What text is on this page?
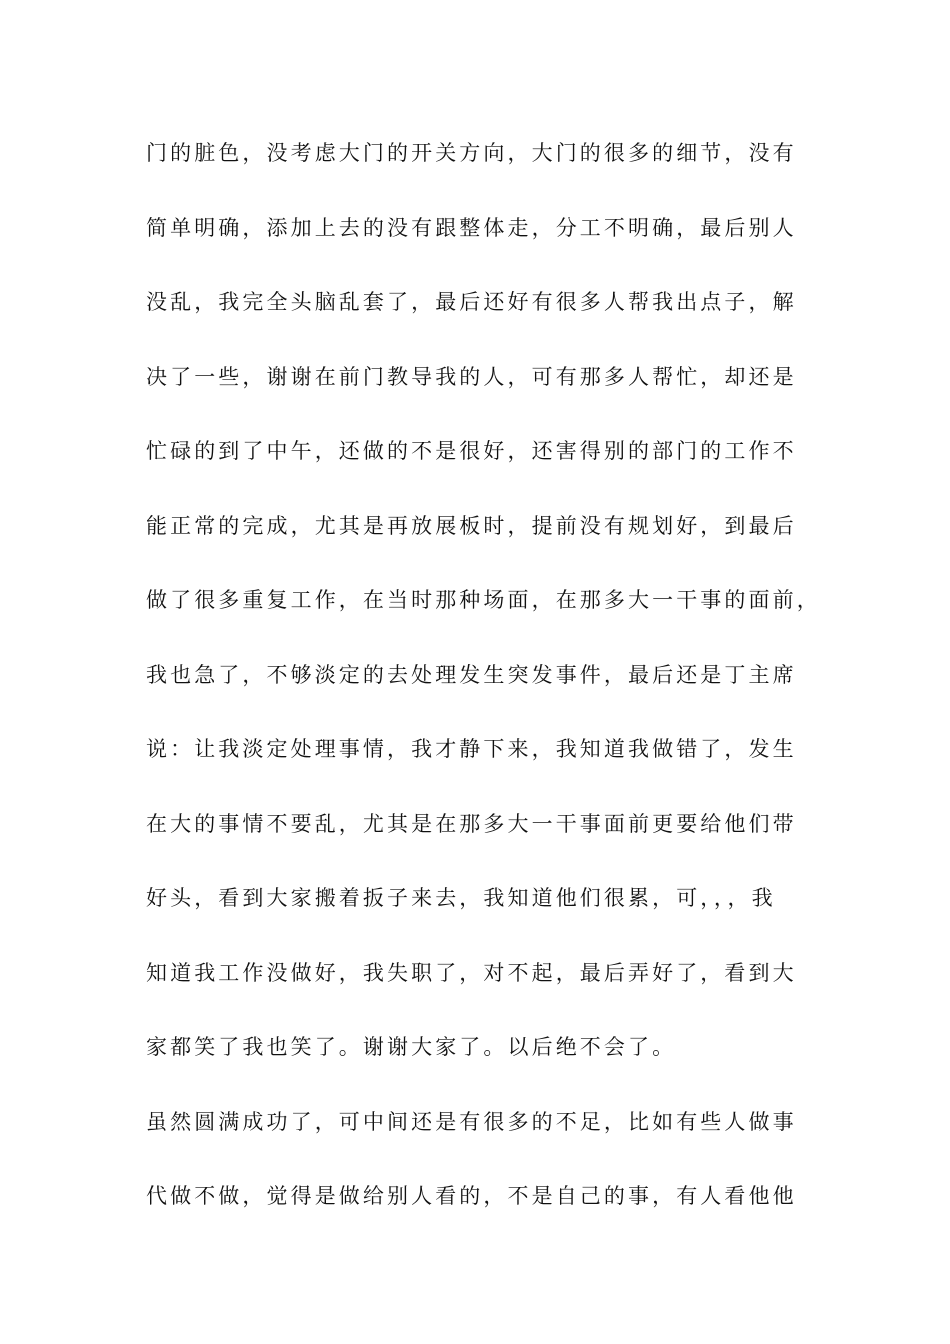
门的脏色，没考虑大门的开关方向，大门的很多的细节，没有
简单明确，添加上去的没有跟整体走，分工不明确，最后别人
没乱，我完全头脑乱套了，最后还好有很多人帮我出点子，解
决了一些，谢谢在前门教导我的人，可有那多人帮忙，却还是
忙碌的到了中午，还做的不是很好，还害得别的部门的工作不
能正常的完成，尤其是再放展板时，提前没有规划好，到最后
做了很多重复工作，在当时那种场面，在那多大一干事的面前，
我也急了，不够淡定的去处理发生突发事件，最后还是丁主席
说：让我淡定处理事情，我才静下来，我知道我做错了，发生
在大的事情不要乱，尤其是在那多大一干事面前更要给他们带
好头，看到大家搬着扳子来去，我知道他们很累，可，，，我
知道我工作没做好，我失职了，对不起，最后弄好了，看到大
家都笑了我也笑了。谢谢大家了。以后绝不会了。
虽然圆满成功了，可中间还是有很多的不足，比如有些人做事
代做不做，觉得是做给别人看的，不是自己的事，有人看他他
